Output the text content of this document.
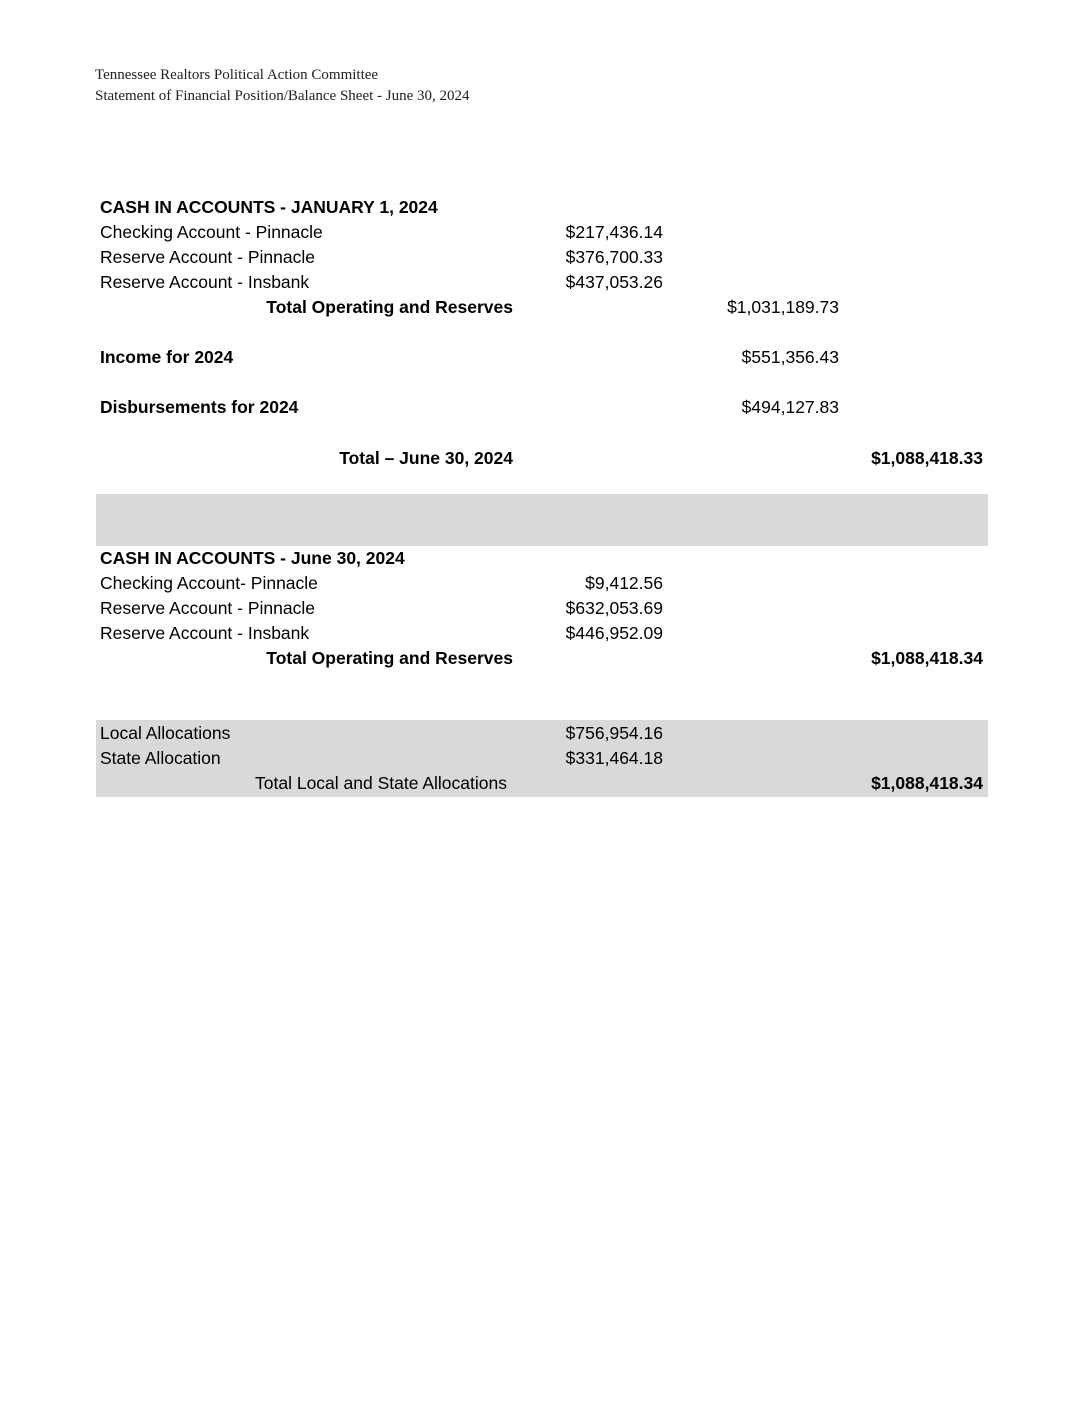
Tennessee Realtors Political Action Committee
Statement of Financial Position/Balance Sheet - June 30, 2024
CASH IN ACCOUNTS - JANUARY 1, 2024
Checking Account - Pinnacle	$217,436.14
Reserve Account - Pinnacle	$376,700.33
Reserve Account - Insbank	$437,053.26
Total Operating and Reserves	$1,031,189.73
Income for 2024	$551,356.43
Disbursements for 2024	$494,127.83
Total – June 30, 2024	$1,088,418.33
CASH IN ACCOUNTS - June 30, 2024
Checking Account- Pinnacle	$9,412.56
Reserve Account - Pinnacle	$632,053.69
Reserve Account - Insbank	$446,952.09
Total Operating and Reserves	$1,088,418.34
Local Allocations	$756,954.16
State Allocation	$331,464.18
Total Local and State Allocations	$1,088,418.34
